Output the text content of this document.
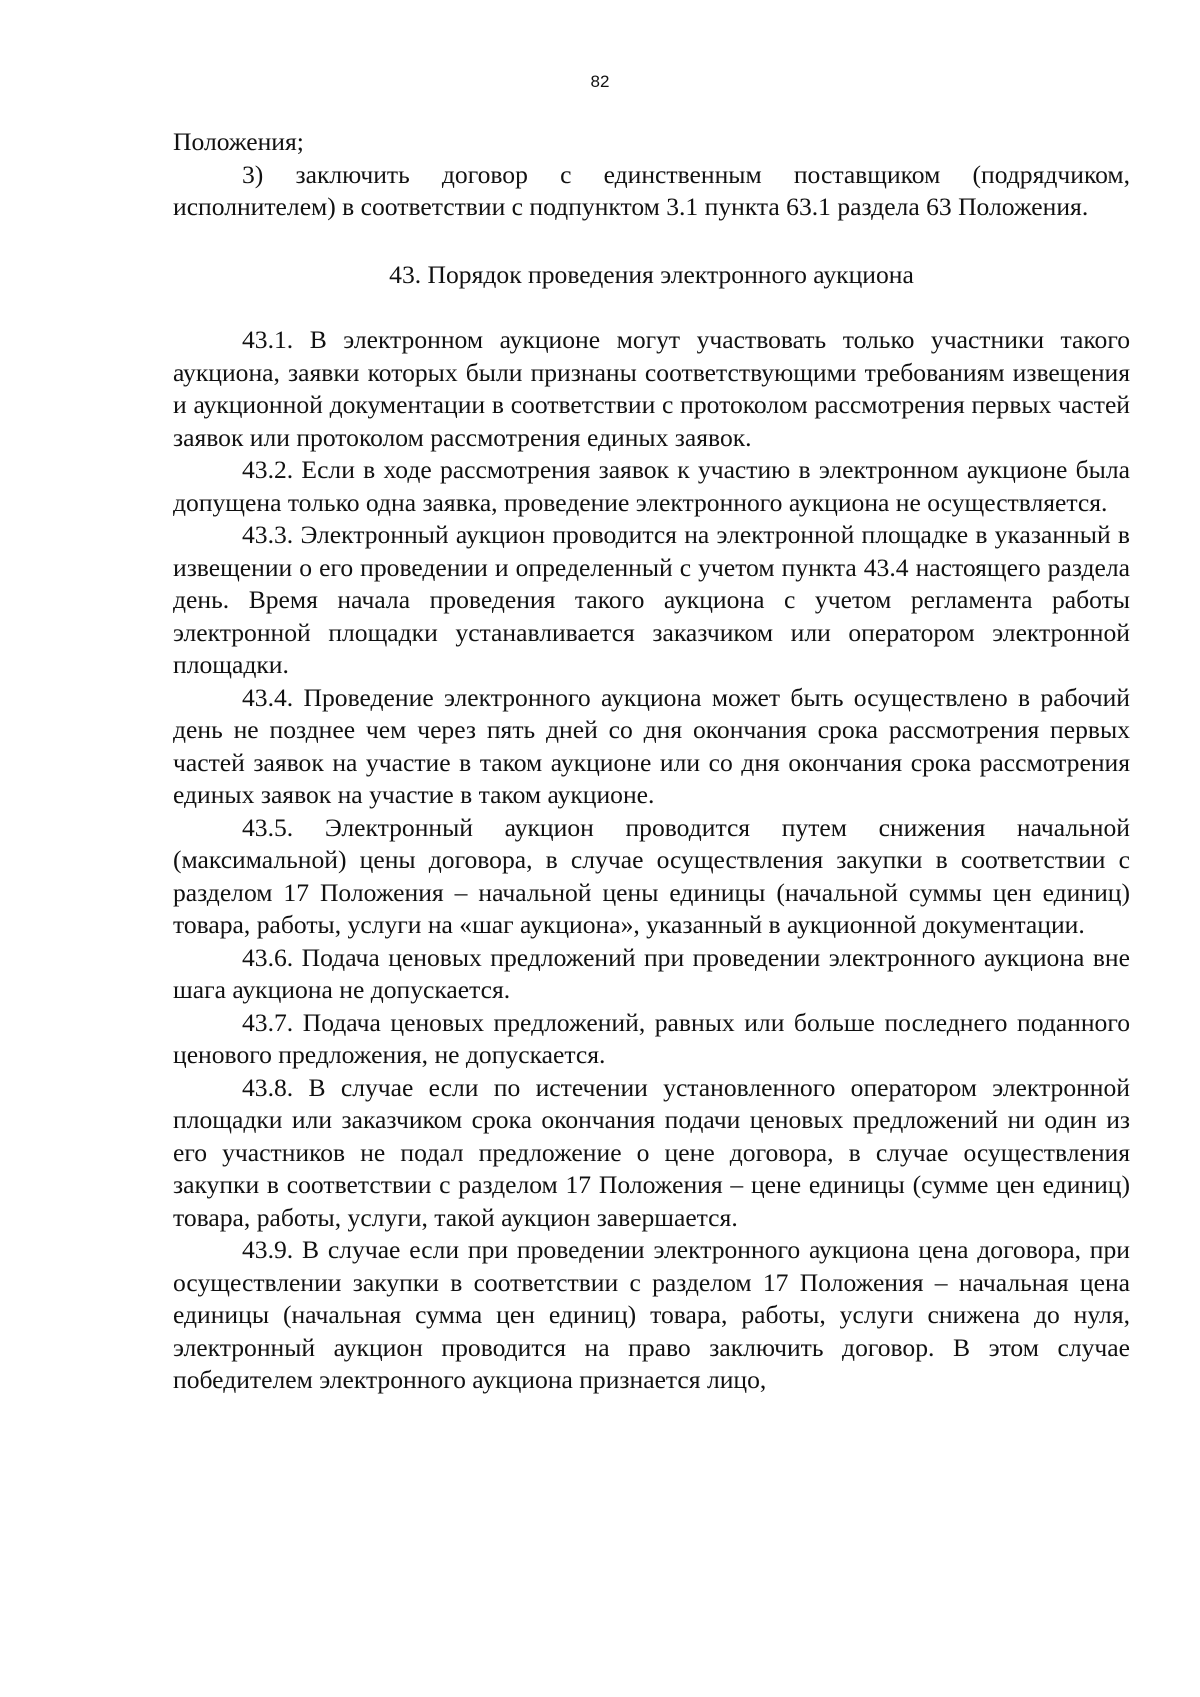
82

Положения;

3) заключить договор с единственным поставщиком (подрядчиком, исполнителем) в соответствии с подпунктом 3.1 пункта 63.1 раздела 63 Положения.

43. Порядок проведения электронного аукциона

43.1. В электронном аукционе могут участвовать только участники такого аукциона, заявки которых были признаны соответствующими требованиям извещения и аукционной документации в соответствии с протоколом рассмотрения первых частей заявок или протоколом рассмотрения единых заявок.

43.2. Если в ходе рассмотрения заявок к участию в электронном аукционе была допущена только одна заявка, проведение электронного аукциона не осуществляется.

43.3. Электронный аукцион проводится на электронной площадке в указанный в извещении о его проведении и определенный с учетом пункта 43.4 настоящего раздела день. Время начала проведения такого аукциона с учетом регламента работы электронной площадки устанавливается заказчиком или оператором электронной площадки.

43.4. Проведение электронного аукциона может быть осуществлено в рабочий день не позднее чем через пять дней со дня окончания срока рассмотрения первых частей заявок на участие в таком аукционе или со дня окончания срока рассмотрения единых заявок на участие в таком аукционе.

43.5. Электронный аукцион проводится путем снижения начальной (максимальной) цены договора, в случае осуществления закупки в соответствии с разделом 17 Положения – начальной цены единицы (начальной суммы цен единиц) товара, работы, услуги на «шаг аукциона», указанный в аукционной документации.

43.6. Подача ценовых предложений при проведении электронного аукциона вне шага аукциона не допускается.

43.7. Подача ценовых предложений, равных или больше последнего поданного ценового предложения, не допускается.

43.8. В случае если по истечении установленного оператором электронной площадки или заказчиком срока окончания подачи ценовых предложений ни один из его участников не подал предложение о цене договора, в случае осуществления закупки в соответствии с разделом 17 Положения – цене единицы (сумме цен единиц) товара, работы, услуги, такой аукцион завершается.

43.9. В случае если при проведении электронного аукциона цена договора, при осуществлении закупки в соответствии с разделом 17 Положения – начальная цена единицы (начальная сумма цен единиц) товара, работы, услуги снижена до нуля, электронный аукцион проводится на право заключить договор. В этом случае победителем электронного аукциона признается лицо,
